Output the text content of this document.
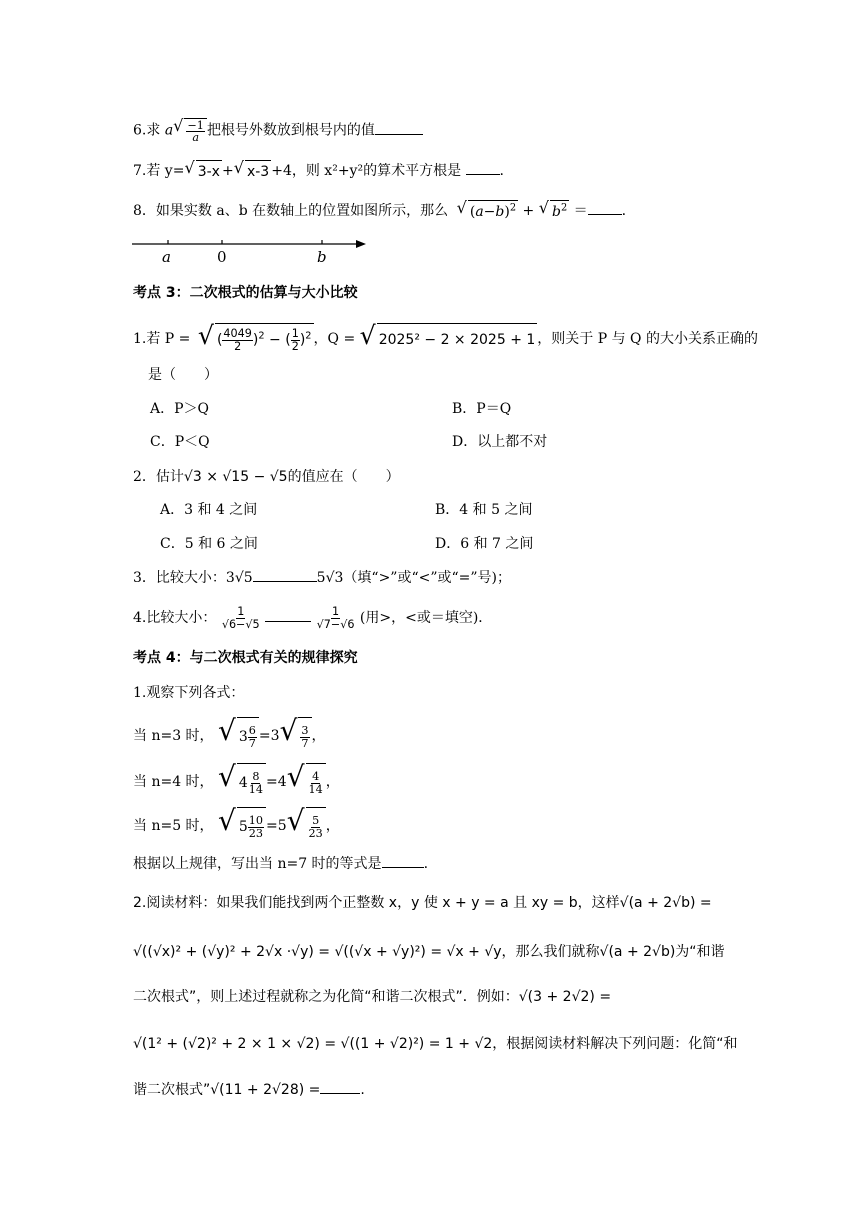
6.求 a √ $\frac{-1}{a}$ 把根号外数放到根号内的值
7.若 y= √ 3-x + √ x-3 +4，则 x²+y²的算术平方根是 .
8．如果实数 a、b 在数轴上的位置如图所示，那么 √ $(a-b)^2$ + √ $b^2$ ＝ .
a	0	b
考点 3：二次根式的估算与大小比较
1.若 P = √ ( $\frac{4049}{2} )^2$ − ( $\frac{1}{2} )^2$ ，Q = √ 2025² − 2 × 2025 + 1 ，则关于 P 与 Q 的大小关系正确的
是（　　）
A．P＞Q	B．P＝Q
C．P＜Q	D．以上都不对
2．估计√3 × √15 − √5的值应在（　　）
A．3 和 4 之间	B．4 和 5 之间
C．5 和 6 之间	D．6 和 7 之间
3．比较大小：3√5	5√3（填“>”或“<”或“=”号)；
4.比较大小： $\frac{1}{√6-√5}$
	$\frac{1}{√7-√6}$ (用>，<或＝填空)．
考点 4：与二次根式有关的规律探究
1.观察下列各式：
当 n=3 时， √ $3 \frac{6}{7} =3$ √ $\frac{3}{7}$ ，
当 n=4 时， √ $4 \frac{8}{14} =4$ √ $\frac{4}{14}$ ，
当 n=5 时， √ $5 \frac{10}{23} =5$ √ $\frac{5}{23}$ ，
根据以上规律，写出当 n=7 时的等式是	.
2.阅读材料：如果我们能找到两个正整数 x，y 使 x + y = a 且 xy = b，这样√(a + 2√b) =
√((√x)² + (√y)² + 2√x ·√y) = √((√x + √y)²) = √x + √y，那么我们就称√(a + 2√b)为“和谐
二次根式”，则上述过程就称之为化简“和谐二次根式”．例如：√(3 + 2√2) =
√(1² + (√2)² + 2 × 1 × √2) = √((1 + √2)²) = 1 + √2，根据阅读材料解决下列问题：化简“和
谐二次根式”√(11 + 2√28) =	.
